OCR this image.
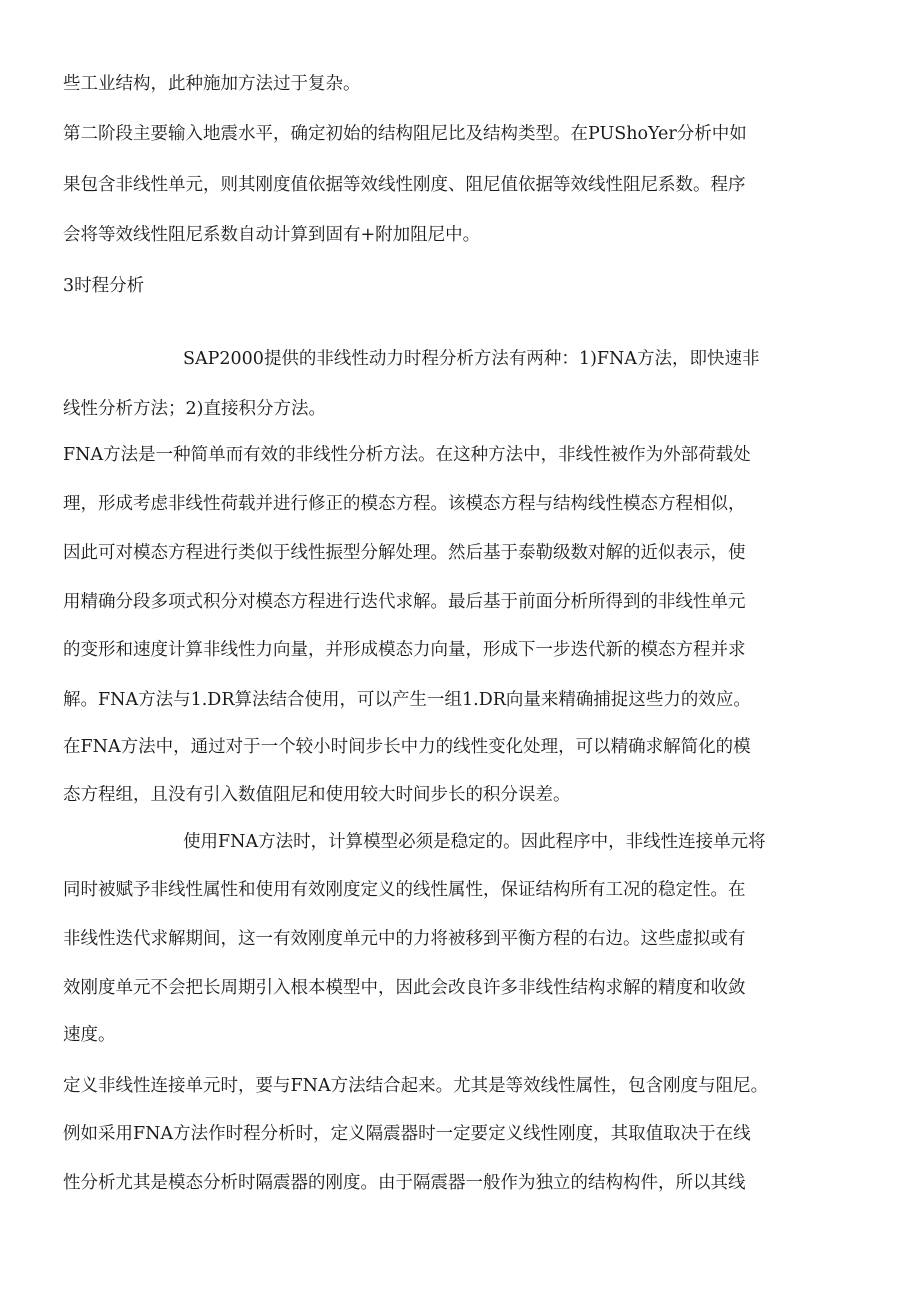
些工业结构，此种施加方法过于复杂。
第二阶段主要输入地震水平，确定初始的结构阻尼比及结构类型。在PUShoYer分析中如
果包含非线性单元，则其刚度值依据等效线性刚度、阻尼值依据等效线性阻尼系数。程序
会将等效线性阻尼系数自动计算到固有+附加阻尼中。
3时程分析
SAP2000提供的非线性动力时程分析方法有两种：1)FNA方法，即快速非
线性分析方法；2)直接积分方法。
FNA方法是一种简单而有效的非线性分析方法。在这种方法中，非线性被作为外部荷载处
理，形成考虑非线性荷载并进行修正的模态方程。该模态方程与结构线性模态方程相似，
因此可对模态方程进行类似于线性振型分解处理。然后基于泰勒级数对解的近似表示，使
用精确分段多项式积分对模态方程进行迭代求解。最后基于前面分析所得到的非线性单元
的变形和速度计算非线性力向量，并形成模态力向量，形成下一步迭代新的模态方程并求
解。FNA方法与1.DR算法结合使用，可以产生一组1.DR向量来精确捕捉这些力的效应。
在FNA方法中，通过对于一个较小时间步长中力的线性变化处理，可以精确求解简化的模
态方程组，且没有引入数值阻尼和使用较大时间步长的积分误差。
使用FNA方法时，计算模型必须是稳定的。因此程序中，非线性连接单元将
同时被赋予非线性属性和使用有效刚度定义的线性属性，保证结构所有工况的稳定性。在
非线性迭代求解期间，这一有效刚度单元中的力将被移到平衡方程的右边。这些虚拟或有
效刚度单元不会把长周期引入根本模型中，因此会改良许多非线性结构求解的精度和收敛
速度。
定义非线性连接单元时，要与FNA方法结合起来。尤其是等效线性属性，包含刚度与阻尼。
例如采用FNA方法作时程分析时，定义隔震器时一定要定义线性刚度，其取值取决于在线
性分析尤其是模态分析时隔震器的刚度。由于隔震器一般作为独立的结构构件，所以其线
